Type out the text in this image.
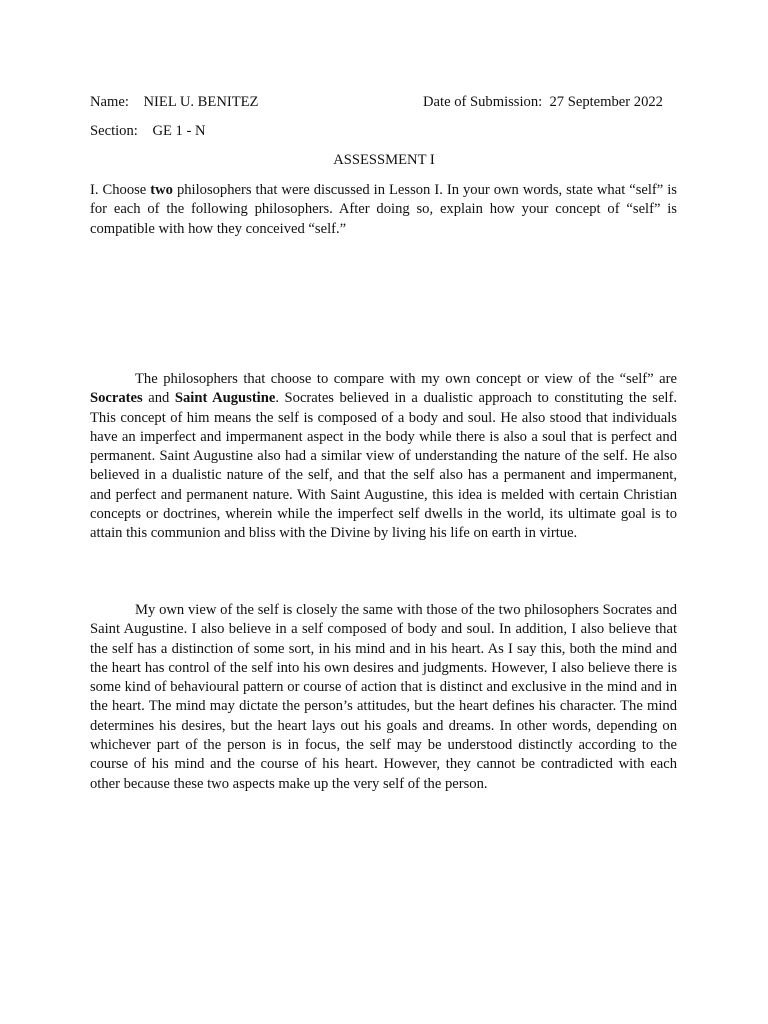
Name: NIEL U. BENITEZ	Date of Submission: 27 September 2022
Section: GE 1 - N
ASSESSMENT I

I. Choose two philosophers that were discussed in Lesson I. In your own words, state what “self” is for each of the following philosophers. After doing so, explain how your concept of “self” is compatible with how they conceived “self.”

The philosophers that choose to compare with my own concept or view of the “self” are Socrates and Saint Augustine. Socrates believed in a dualistic approach to constituting the self. This concept of him means the self is composed of a body and soul. He also stood that individuals have an imperfect and impermanent aspect in the body while there is also a soul that is perfect and permanent. Saint Augustine also had a similar view of understanding the nature of the self. He also believed in a dualistic nature of the self, and that the self also has a permanent and impermanent, and perfect and permanent nature. With Saint Augustine, this idea is melded with certain Christian concepts or doctrines, wherein while the imperfect self dwells in the world, its ultimate goal is to attain this communion and bliss with the Divine by living his life on earth in virtue.

My own view of the self is closely the same with those of the two philosophers Socrates and Saint Augustine. I also believe in a self composed of body and soul. In addition, I also believe that the self has a distinction of some sort, in his mind and in his heart. As I say this, both the mind and the heart has control of the self into his own desires and judgments. However, I also believe there is some kind of behavioural pattern or course of action that is distinct and exclusive in the mind and in the heart. The mind may dictate the person’s attitudes, but the heart defines his character. The mind determines his desires, but the heart lays out his goals and dreams. In other words, depending on whichever part of the person is in focus, the self may be understood distinctly according to the course of his mind and the course of his heart. However, they cannot be contradicted with each other because these two aspects make up the very self of the person.
